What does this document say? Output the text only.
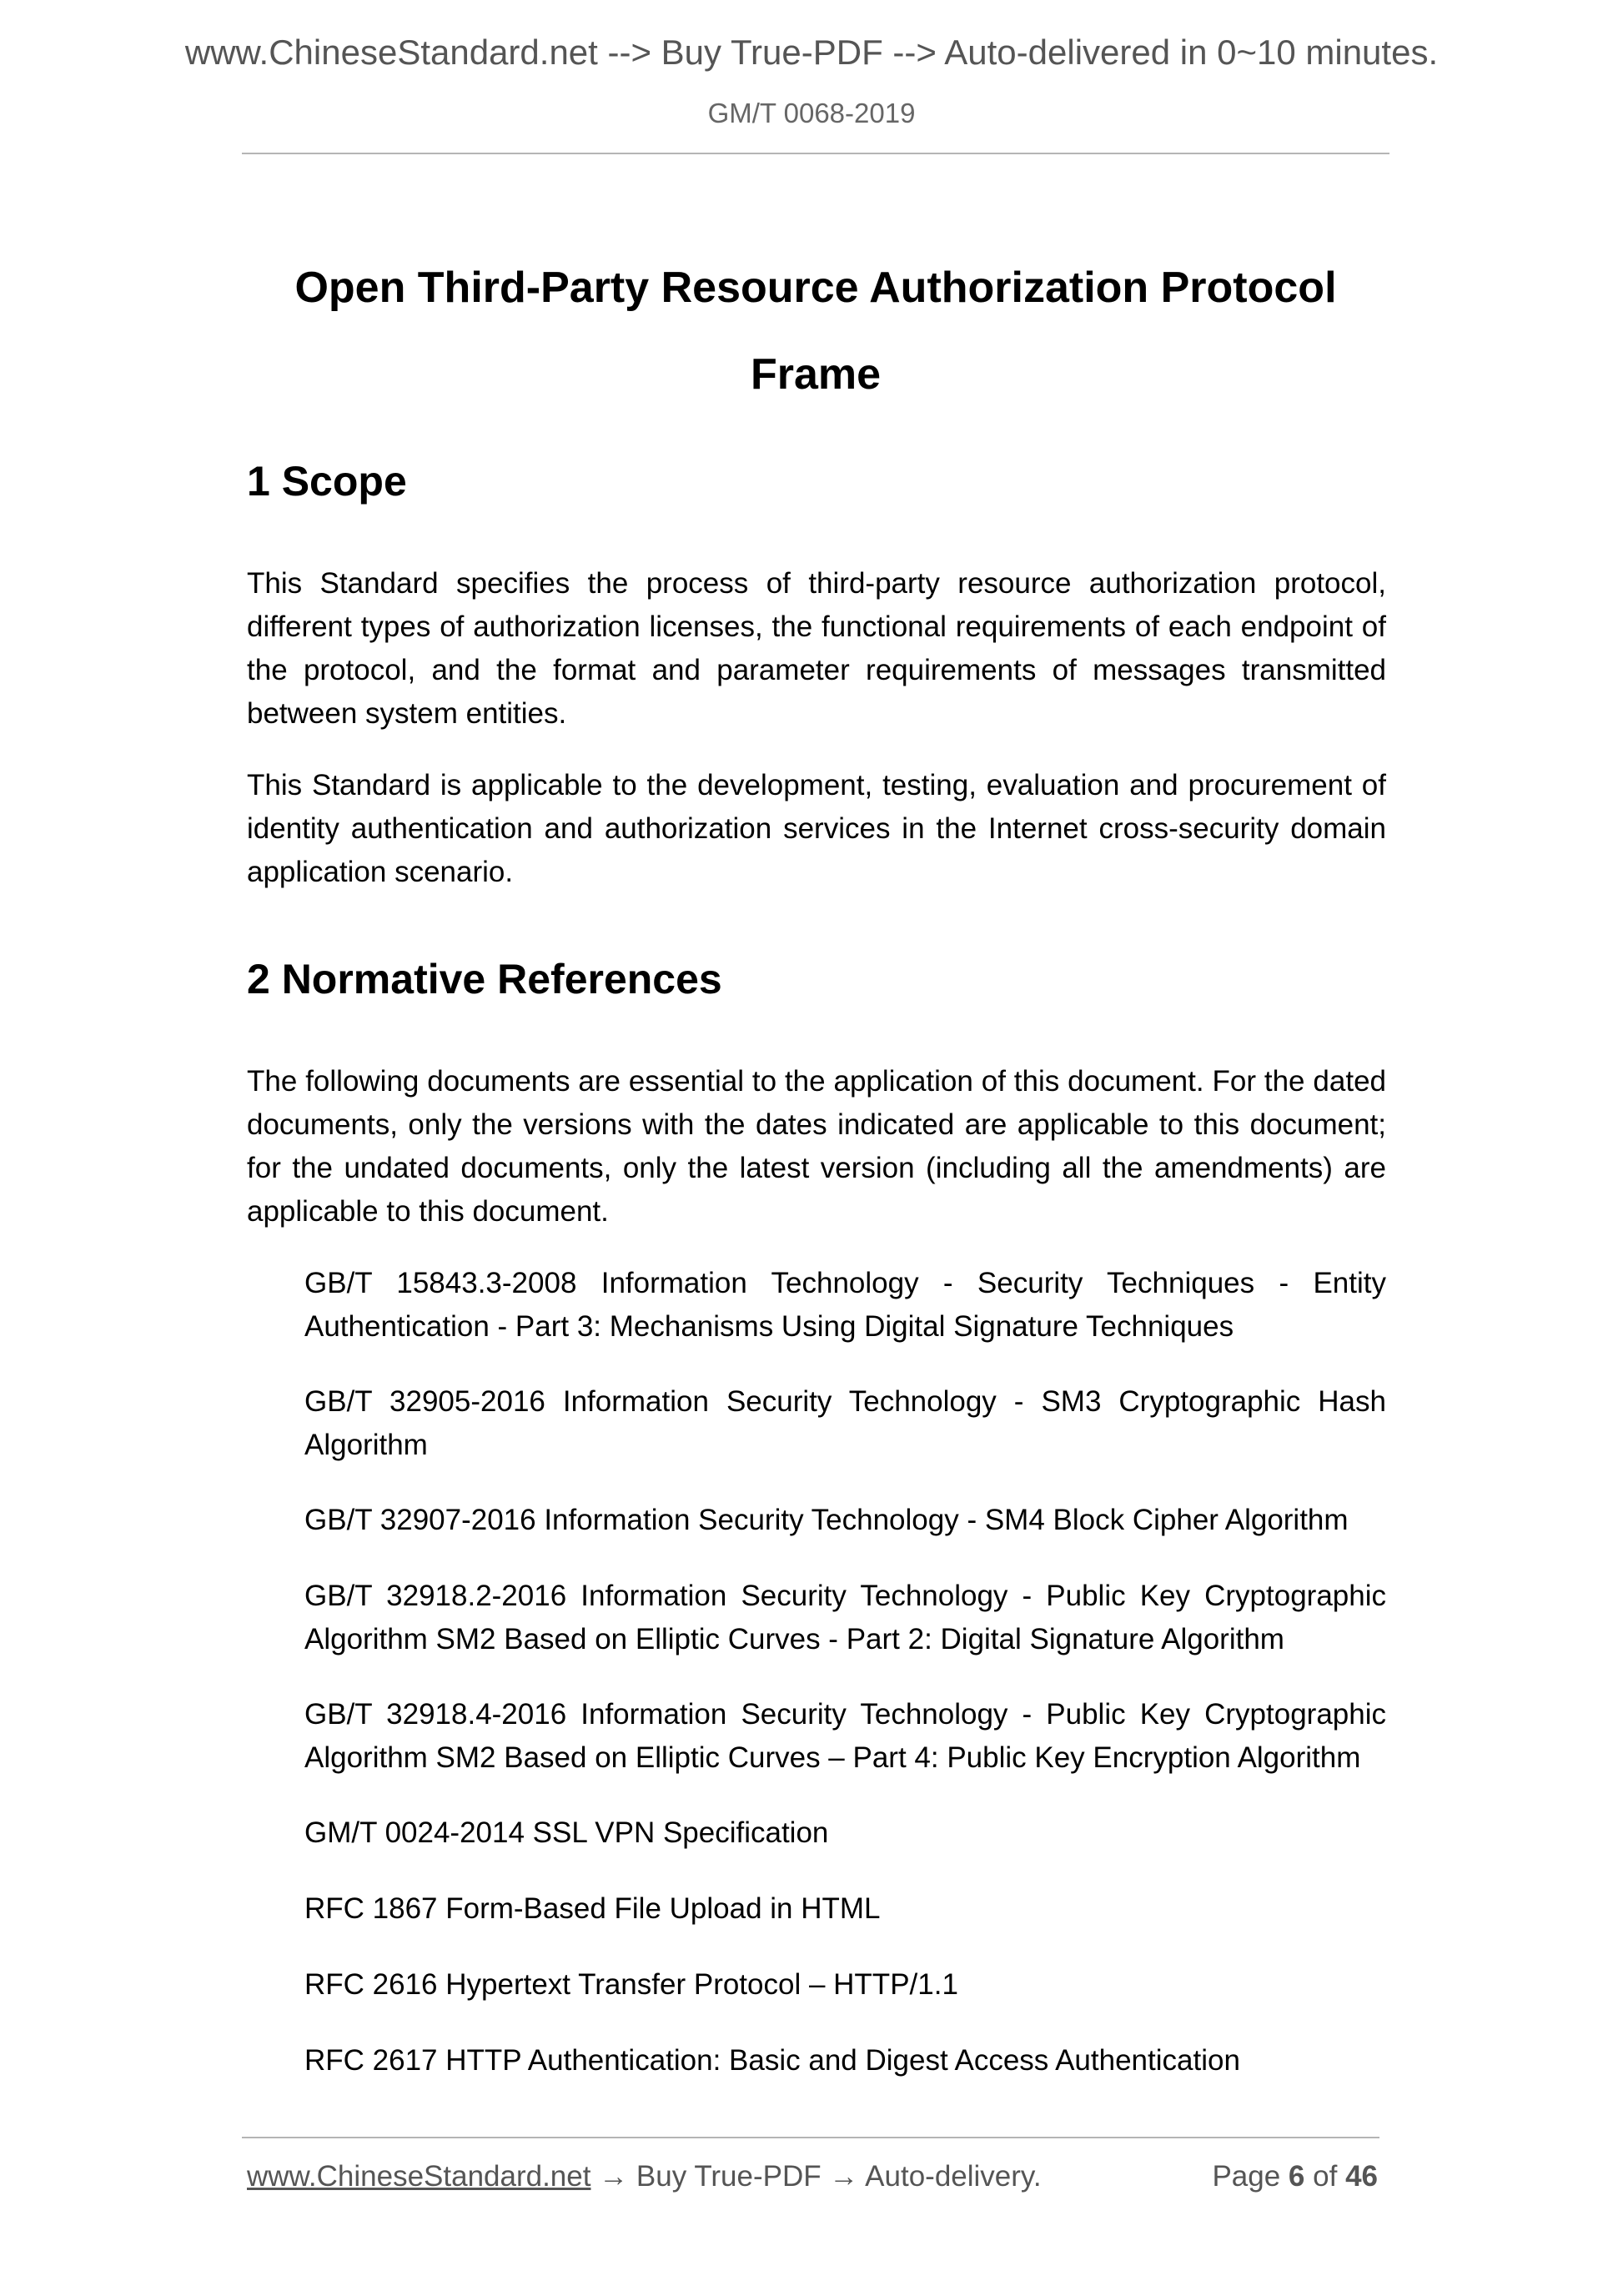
www.ChineseStandard.net --> Buy True-PDF --> Auto-delivered in 0~10 minutes.
GM/T 0068-2019
Open Third-Party Resource Authorization Protocol
Frame
1 Scope

This Standard specifies the process of third-party resource authorization protocol, different types of authorization licenses, the functional requirements of each endpoint of the protocol, and the format and parameter requirements of messages transmitted between system entities.

This Standard is applicable to the development, testing, evaluation and procurement of identity authentication and authorization services in the Internet cross-security domain application scenario.

2 Normative References

The following documents are essential to the application of this document. For the dated documents, only the versions with the dates indicated are applicable to this document; for the undated documents, only the latest version (including all the amendments) are applicable to this document.

GB/T 15843.3-2008 Information Technology - Security Techniques - Entity Authentication - Part 3: Mechanisms Using Digital Signature Techniques

GB/T 32905-2016 Information Security Technology - SM3 Cryptographic Hash Algorithm

GB/T 32907-2016 Information Security Technology - SM4 Block Cipher Algorithm

GB/T 32918.2-2016 Information Security Technology - Public Key Cryptographic Algorithm SM2 Based on Elliptic Curves - Part 2: Digital Signature Algorithm

GB/T 32918.4-2016 Information Security Technology - Public Key Cryptographic Algorithm SM2 Based on Elliptic Curves – Part 4: Public Key Encryption Algorithm

GM/T 0024-2014 SSL VPN Specification

RFC 1867 Form-Based File Upload in HTML

RFC 2616 Hypertext Transfer Protocol – HTTP/1.1

RFC 2617 HTTP Authentication: Basic and Digest Access Authentication

www.ChineseStandard.net → Buy True-PDF → Auto-delivery.	Page 6 of 46
